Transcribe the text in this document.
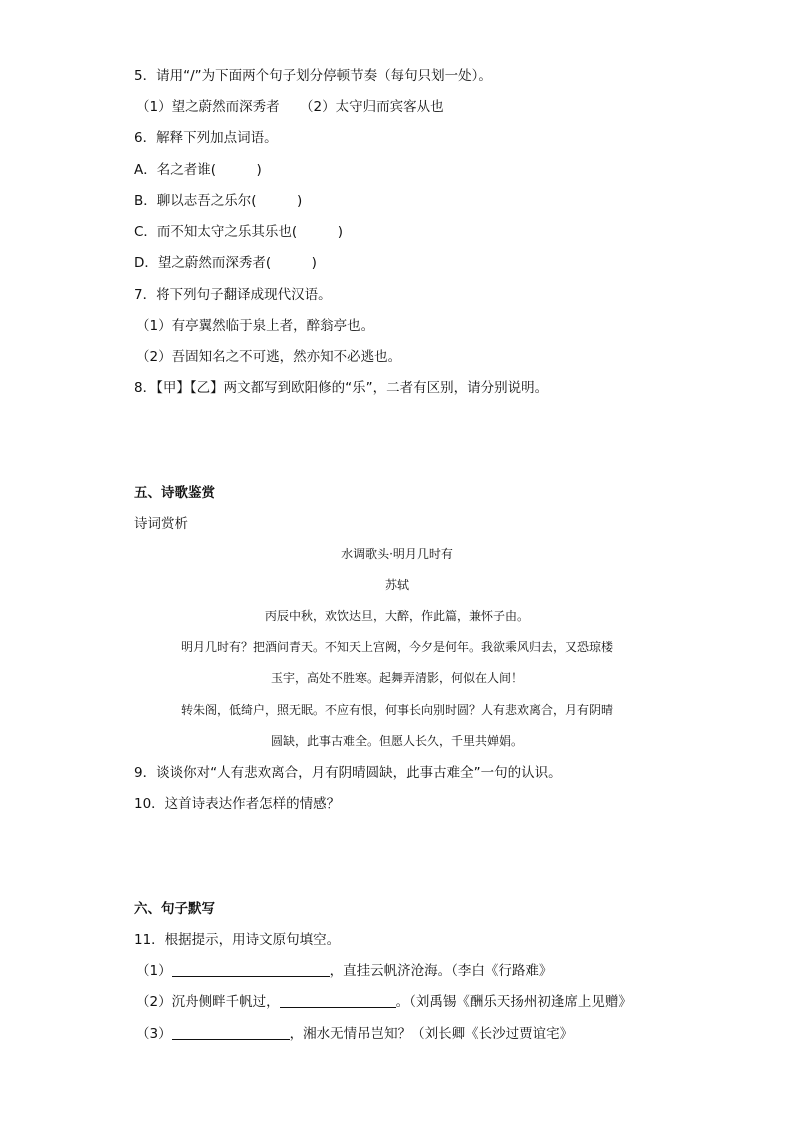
5．请用“/”为下面两个句子划分停顿节奏（每句只划一处）。
（1）望之蔚然而深秀者 （2）太守归而宾客从也
6．解释下列加点词语。
A．名之者谁(　　　)
B．聊以志吾之乐尔(　　　)
C．而不知太守之乐其乐也(　　　)
D．望之蔚然而深秀者(　　　)
7．将下列句子翻译成现代汉语。
（1）有亭翼然临于泉上者，醉翁亭也。
（2）吾固知名之不可逃，然亦知不必逃也。
8．【甲】【乙】两文都写到欧阳修的“乐”，二者有区别，请分别说明。
五、诗歌鉴赏
诗词赏析
水调歌头·明月几时有
苏轼
丙辰中秋，欢饮达旦，大醉，作此篇，兼怀子由。
明月几时有？把酒问青天。不知天上宫阙，今夕是何年。我欲乘风归去，又恐琼楼
玉宇，高处不胜寒。起舞弄清影，何似在人间！
转朱阁，低绮户，照无眠。不应有恨，何事长向别时圆？人有悲欢离合，月有阴晴
圆缺，此事古难全。但愿人长久，千里共婵娟。
9．谈谈你对“人有悲欢离合，月有阴晴圆缺，此事古难全”一句的认识。
10．这首诗表达作者怎样的情感？
六、句子默写
11．根据提示，用诗文原句填空。
（1）	，直挂云帆济沧海。（李白《行路难》
（2）沉舟侧畔千帆过，	。（刘禹锡《酬乐天扬州初逢席上见赠》
（3）	，湘水无情吊岂知？（刘长卿《长沙过贾谊宅》
